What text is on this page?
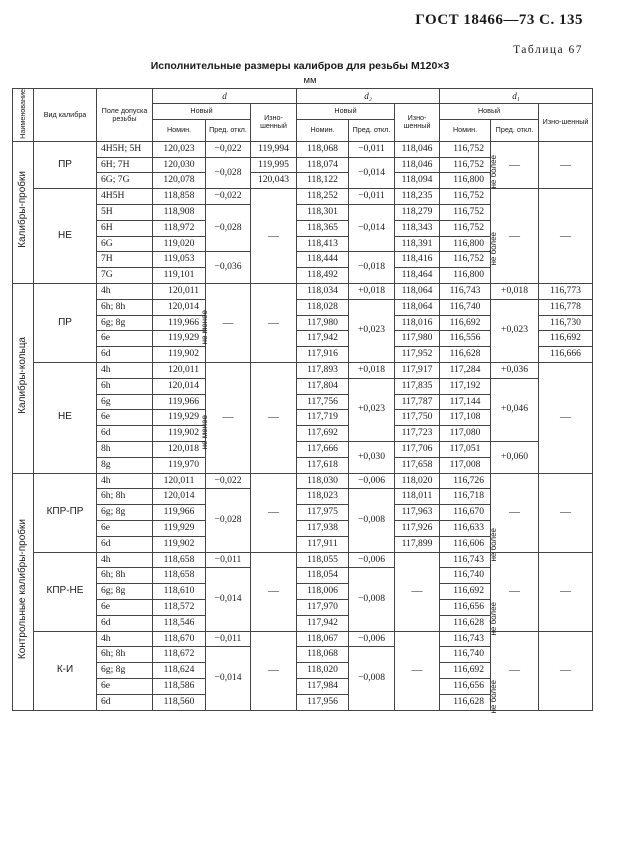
ГОСТ 18466—73 С. 135
Таблица 67
Исполнительные размеры калибров для резьбы М120×3
мм
Наименование	Вид калибра	Поле допуска резьбы	d			d₂			d₁		
			Новый		Изно-шенный	Новый		Изно-шенный	Новый		Изно-шенный
			Номин.	Пред. откл.		Номин.	Пред. откл.		Номин.	Пред. откл.	
Калибры-пробки	ПР	4Н5Н; 5Н	120,023	−0,022	119,994	118,068	−0,011	118,046	116,752	—	—
		6Н; 7Н	120,030	−0,028	119,995	118,074	−0,014	118,046	116,752		
		6G; 7G	120,078		120,043	118,122		118,094	116,800		
	НЕ	4Н5Н	118,858	−0,022	—	118,252	−0,011	118,235	116,752	—	—
		5Н	118,908	−0,028		118,301	−0,014	118,279	116,752		
		6Н	118,972			118,365		118,343	116,752		
		6G	119,020			118,413		118,391	116,800		
		7Н	119,053	−0,036		118,444	−0,018	118,416	116,752		
		7G	119,101			118,492		118,464	116,800		
Калибры-кольца	ПР	4h	120,011	—	—	118,034	+0,018	118,064	116,743	+0,018	116,773
		6h; 8h	120,014			118,028	+0,023	118,064	116,740	+0,023	116,778
		6g; 8g	119,966			117,980		118,016	116,692		116,730
		6e	119,929			117,942		117,980	116,556		116,692
		6d	119,902			117,916		117,952	116,628		116,666
	НЕ	4h	120,011	—	—	117,893	+0,018	117,917	117,284	+0,036	—
		6h	120,014			117,804	+0,023	117,835	117,192	+0,046	
		6g	119,966			117,756		117,787	117,144		
		6e	119,929			117,719		117,750	117,108		
		6d	119,902			117,692		117,723	117,080		
		8h	120,018			117,666	+0,030	117,706	117,051	+0,060	
		8g	119,970			117,618		117,658	117,008		
Контрольные калибры-пробки	КПР-ПР	4h	120,011	−0,022	—	118,030	−0,006	118,020	116,726	—	—
		6h; 8h	120,014	−0,028		118,023	−0,008	118,011	116,718		
		6g; 8g	119,966			117,975		117,963	116,670		
		6e	119,929			117,938		117,926	116,633		
		6d	119,902			117,911		117,899	116,606		
	КПР-НЕ	4h	118,658	−0,011	—	118,055	−0,006	—	116,743	—	—
		6h; 8h	118,658	−0,014		118,054	−0,008		116,740		
		6g; 8g	118,610			118,006			116,692		
		6e	118,572			117,970			116,656		
		6d	118,546			117,942			116,628		
	К-И	4h	118,670	−0,011	—	118,067	−0,006	—	116,743	—	—
		6h; 8h	118,672	−0,014		118,068	−0,008		116,740		
		6g; 8g	118,624			118,020			116,692		
		6e	118,586			117,984			116,656		
		6d	118,560			117,956			116,628		
не более
не более
не менее
не менее
не более
не более
не более
